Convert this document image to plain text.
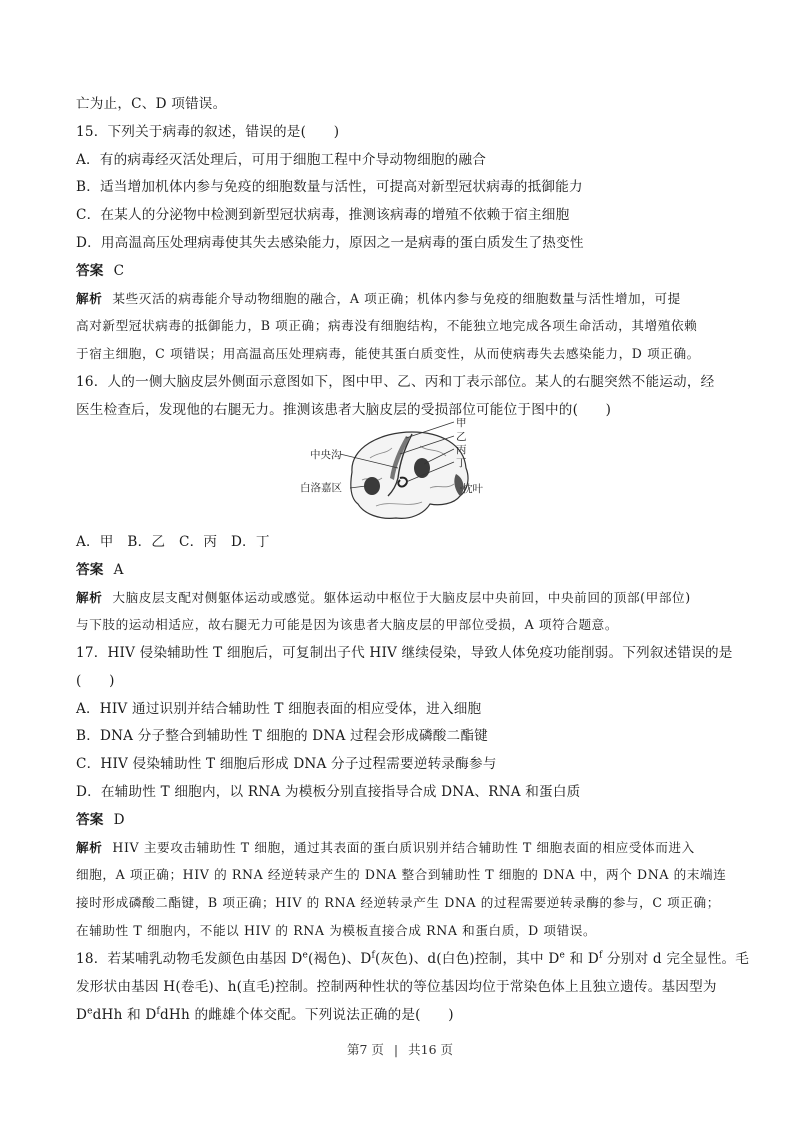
亡为止，C、D 项错误。
15．下列关于病毒的叙述，错误的是(　　)
A．有的病毒经灭活处理后，可用于细胞工程中介导动物细胞的融合
B．适当增加机体内参与免疫的细胞数量与活性，可提高对新型冠状病毒的抵御能力
C．在某人的分泌物中检测到新型冠状病毒，推测该病毒的增殖不依赖于宿主细胞
D．用高温高压处理病毒使其失去感染能力，原因之一是病毒的蛋白质发生了热变性
答案 C
解析 某些灭活的病毒能介导动物细胞的融合，A 项正确；机体内参与免疫的细胞数量与活性增加，可提
高对新型冠状病毒的抵御能力，B 项正确；病毒没有细胞结构，不能独立地完成各项生命活动，其增殖依赖
于宿主细胞，C 项错误；用高温高压处理病毒，能使其蛋白质变性，从而使病毒失去感染能力，D 项正确。
16．人的一侧大脑皮层外侧面示意图如下，图中甲、乙、丙和丁表示部位。某人的右腿突然不能运动，经
医生检查后，发现他的右腿无力。推测该患者大脑皮层的受损部位可能位于图中的(　　)
甲
乙
丙
丁
中央沟
白洛嘉区	枕叶
A．甲　B．乙　C．丙　D．丁
答案 A
解析 大脑皮层支配对侧躯体运动或感觉。躯体运动中枢位于大脑皮层中央前回，中央前回的顶部(甲部位)
与下肢的运动相适应，故右腿无力可能是因为该患者大脑皮层的甲部位受损，A 项符合题意。
17．HIV 侵染辅助性 T 细胞后，可复制出子代 HIV 继续侵染，导致人体免疫功能削弱。下列叙述错误的是
(　　)
A．HIV 通过识别并结合辅助性 T 细胞表面的相应受体，进入细胞
B．DNA 分子整合到辅助性 T 细胞的 DNA 过程会形成磷酸二酯键
C．HIV 侵染辅助性 T 细胞后形成 DNA 分子过程需要逆转录酶参与
D．在辅助性 T 细胞内，以 RNA 为模板分别直接指导合成 DNA、RNA 和蛋白质
答案 D
解析 HIV 主要攻击辅助性 T 细胞，通过其表面的蛋白质识别并结合辅助性 T 细胞表面的相应受体而进入
细胞，A 项正确；HIV 的 RNA 经逆转录产生的 DNA 整合到辅助性 T 细胞的 DNA 中，两个 DNA 的末端连
接时形成磷酸二酯键，B 项正确；HIV 的 RNA 经逆转录产生 DNA 的过程需要逆转录酶的参与，C 项正确；
在辅助性 T 细胞内，不能以 HIV 的 RNA 为模板直接合成 RNA 和蛋白质，D 项错误。
18．若某哺乳动物毛发颜色由基因 De(褐色)、$D^f$(灰色)、d(白色)控制，其中 De 和 $D^f$ 分别对 d 完全显性。毛
发形状由基因 H(卷毛)、h(直毛)控制。控制两种性状的等位基因均位于常染色体上且独立遗传。基因型为
DedHh 和 $D^fdHh$ 的雌雄个体交配。下列说法正确的是(　　)
第7 页 | 共16 页
